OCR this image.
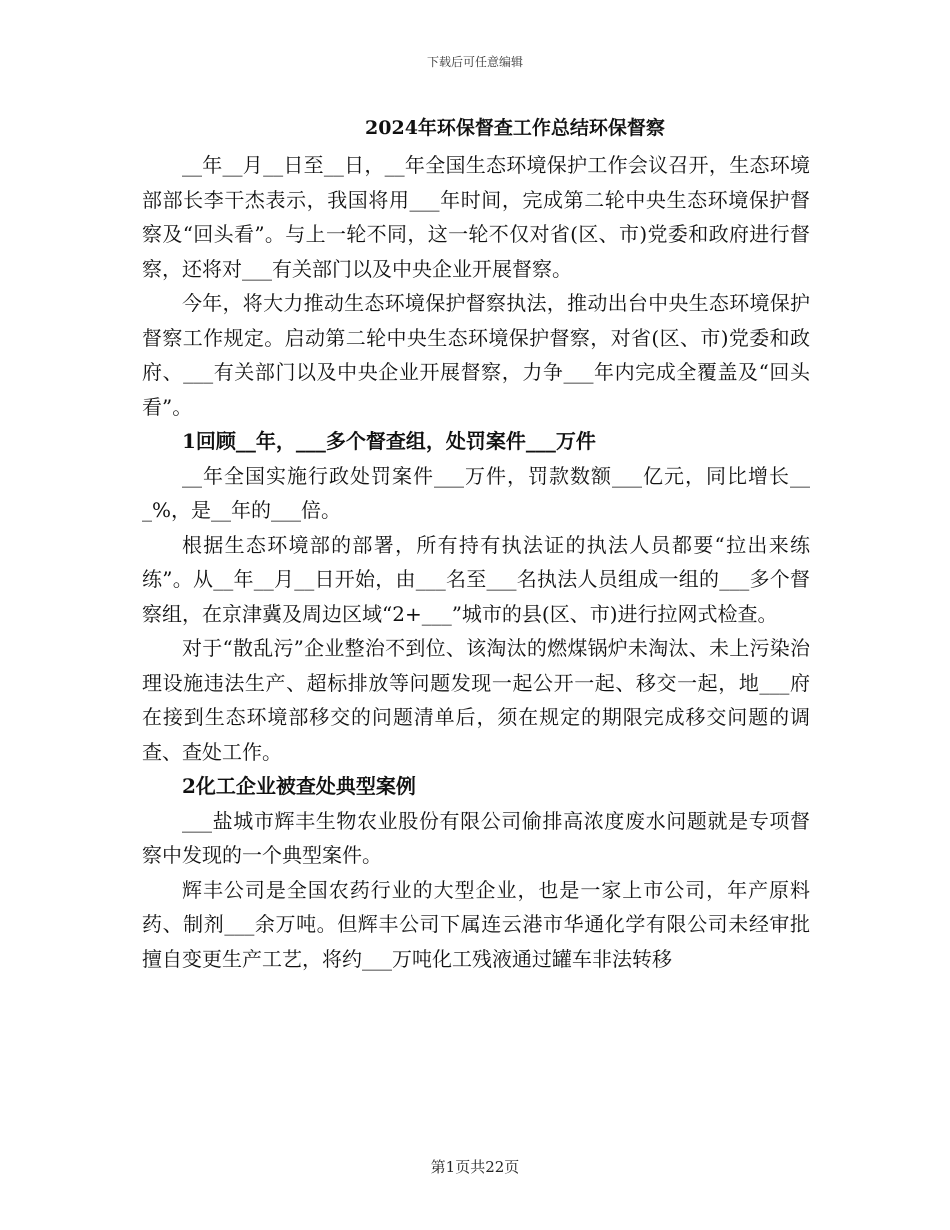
下载后可任意编辑
2024年环保督查工作总结环保督察

__年__月__日至__日，__年全国生态环境保护工作会议召开，生态环境部部长李干杰表示，我国将用___年时间，完成第二轮中央生态环境保护督察及“回头看”。与上一轮不同，这一轮不仅对省(区、市)党委和政府进行督察，还将对___有关部门以及中央企业开展督察。

今年，将大力推动生态环境保护督察执法，推动出台中央生态环境保护督察工作规定。启动第二轮中央生态环境保护督察，对省(区、市)党委和政府、___有关部门以及中央企业开展督察，力争___年内完成全覆盖及“回头看”。

1回顾__年，___多个督查组，处罚案件___万件

__年全国实施行政处罚案件___万件，罚款数额___亿元，同比增长___%，是__年的___倍。

根据生态环境部的部署，所有持有执法证的执法人员都要“拉出来练练”。从__年__月__日开始，由___名至___名执法人员组成一组的___多个督察组，在京津冀及周边区域“2+___”城市的县(区、市)进行拉网式检查。

对于“散乱污”企业整治不到位、该淘汰的燃煤锅炉未淘汰、未上污染治理设施违法生产、超标排放等问题发现一起公开一起、移交一起，地___府在接到生态环境部移交的问题清单后，须在规定的期限完成移交问题的调查、查处工作。

2化工企业被查处典型案例

___盐城市辉丰生物农业股份有限公司偷排高浓度废水问题就是专项督察中发现的一个典型案件。

辉丰公司是全国农药行业的大型企业，也是一家上市公司，年产原料药、制剂___余万吨。但辉丰公司下属连云港市华通化学有限公司未经审批擅自变更生产工艺，将约___万吨化工残液通过罐车非法转移

第1页共22页
